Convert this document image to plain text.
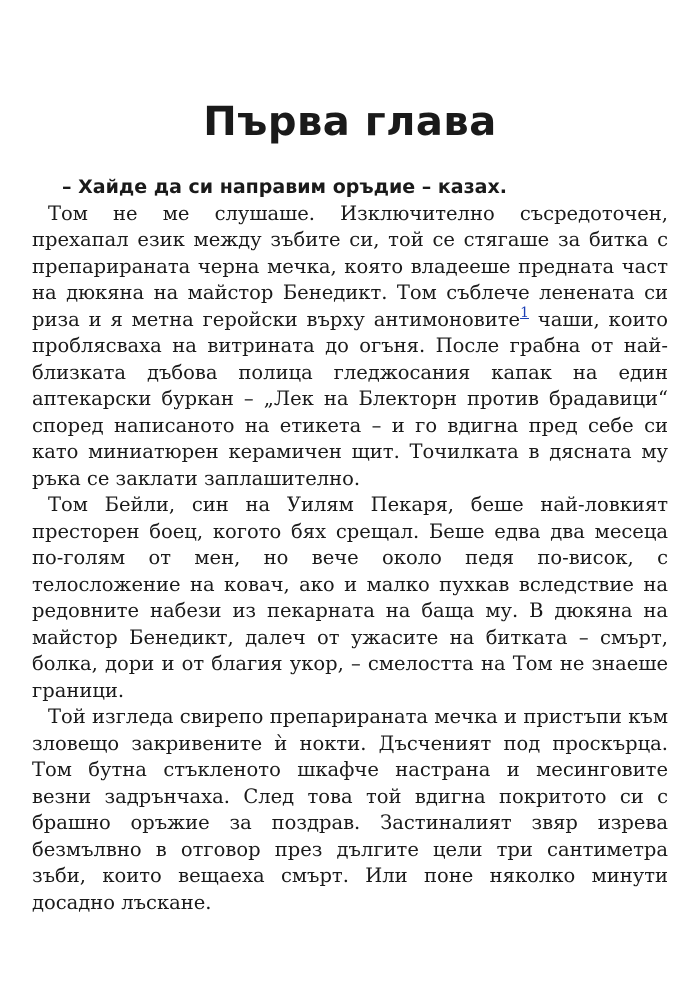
Първа глава

– Хайде да си направим оръдие – казах.

Том не ме слушаше. Изключително съсредоточен, прехапал език между зъбите си, той се стягаше за битка с препарираната черна мечка, която владееше предната част на дюкяна на майстор Бенедикт. Том съблече ленената си риза и я метна геройски върху антимоновите$^1$ чаши, които проблясваха на витрината до огъня. После грабна от най-близката дъбова полица гледжосания капак на един аптекарски буркан – „Лек на Блекторн против брадавици“ според написаното на етикета – и го вдигна пред себе си като миниатюрен керамичен щит. Точилката в дясната му ръка се заклати заплашително.

Том Бейли, син на Уилям Пекаря, беше най-ловкият престорен боец, когото бях срещал. Беше едва два месеца по-голям от мен, но вече около педя по-висок, с телосложение на ковач, ако и малко пухкав вследствие на редовните набези из пекарната на баща му. В дюкяна на майстор Бенедикт, далеч от ужасите на битката – смърт, болка, дори и от благия укор, – смелостта на Том не знаеше граници.

Той изгледа свирепо препарираната мечка и пристъпи към зловещо закривените ѝ нокти. Дъсченият под проскърца. Том бутна стъкленото шкафче настрана и месинговите везни задрънчаха. След това той вдигна покритото си с брашно оръжие за поздрав. Застиналият звяр изрева безмълвно в отговор през дългите цели три сантиметра зъби, които вещаеха смърт. Или поне няколко минути досадно лъскане.
